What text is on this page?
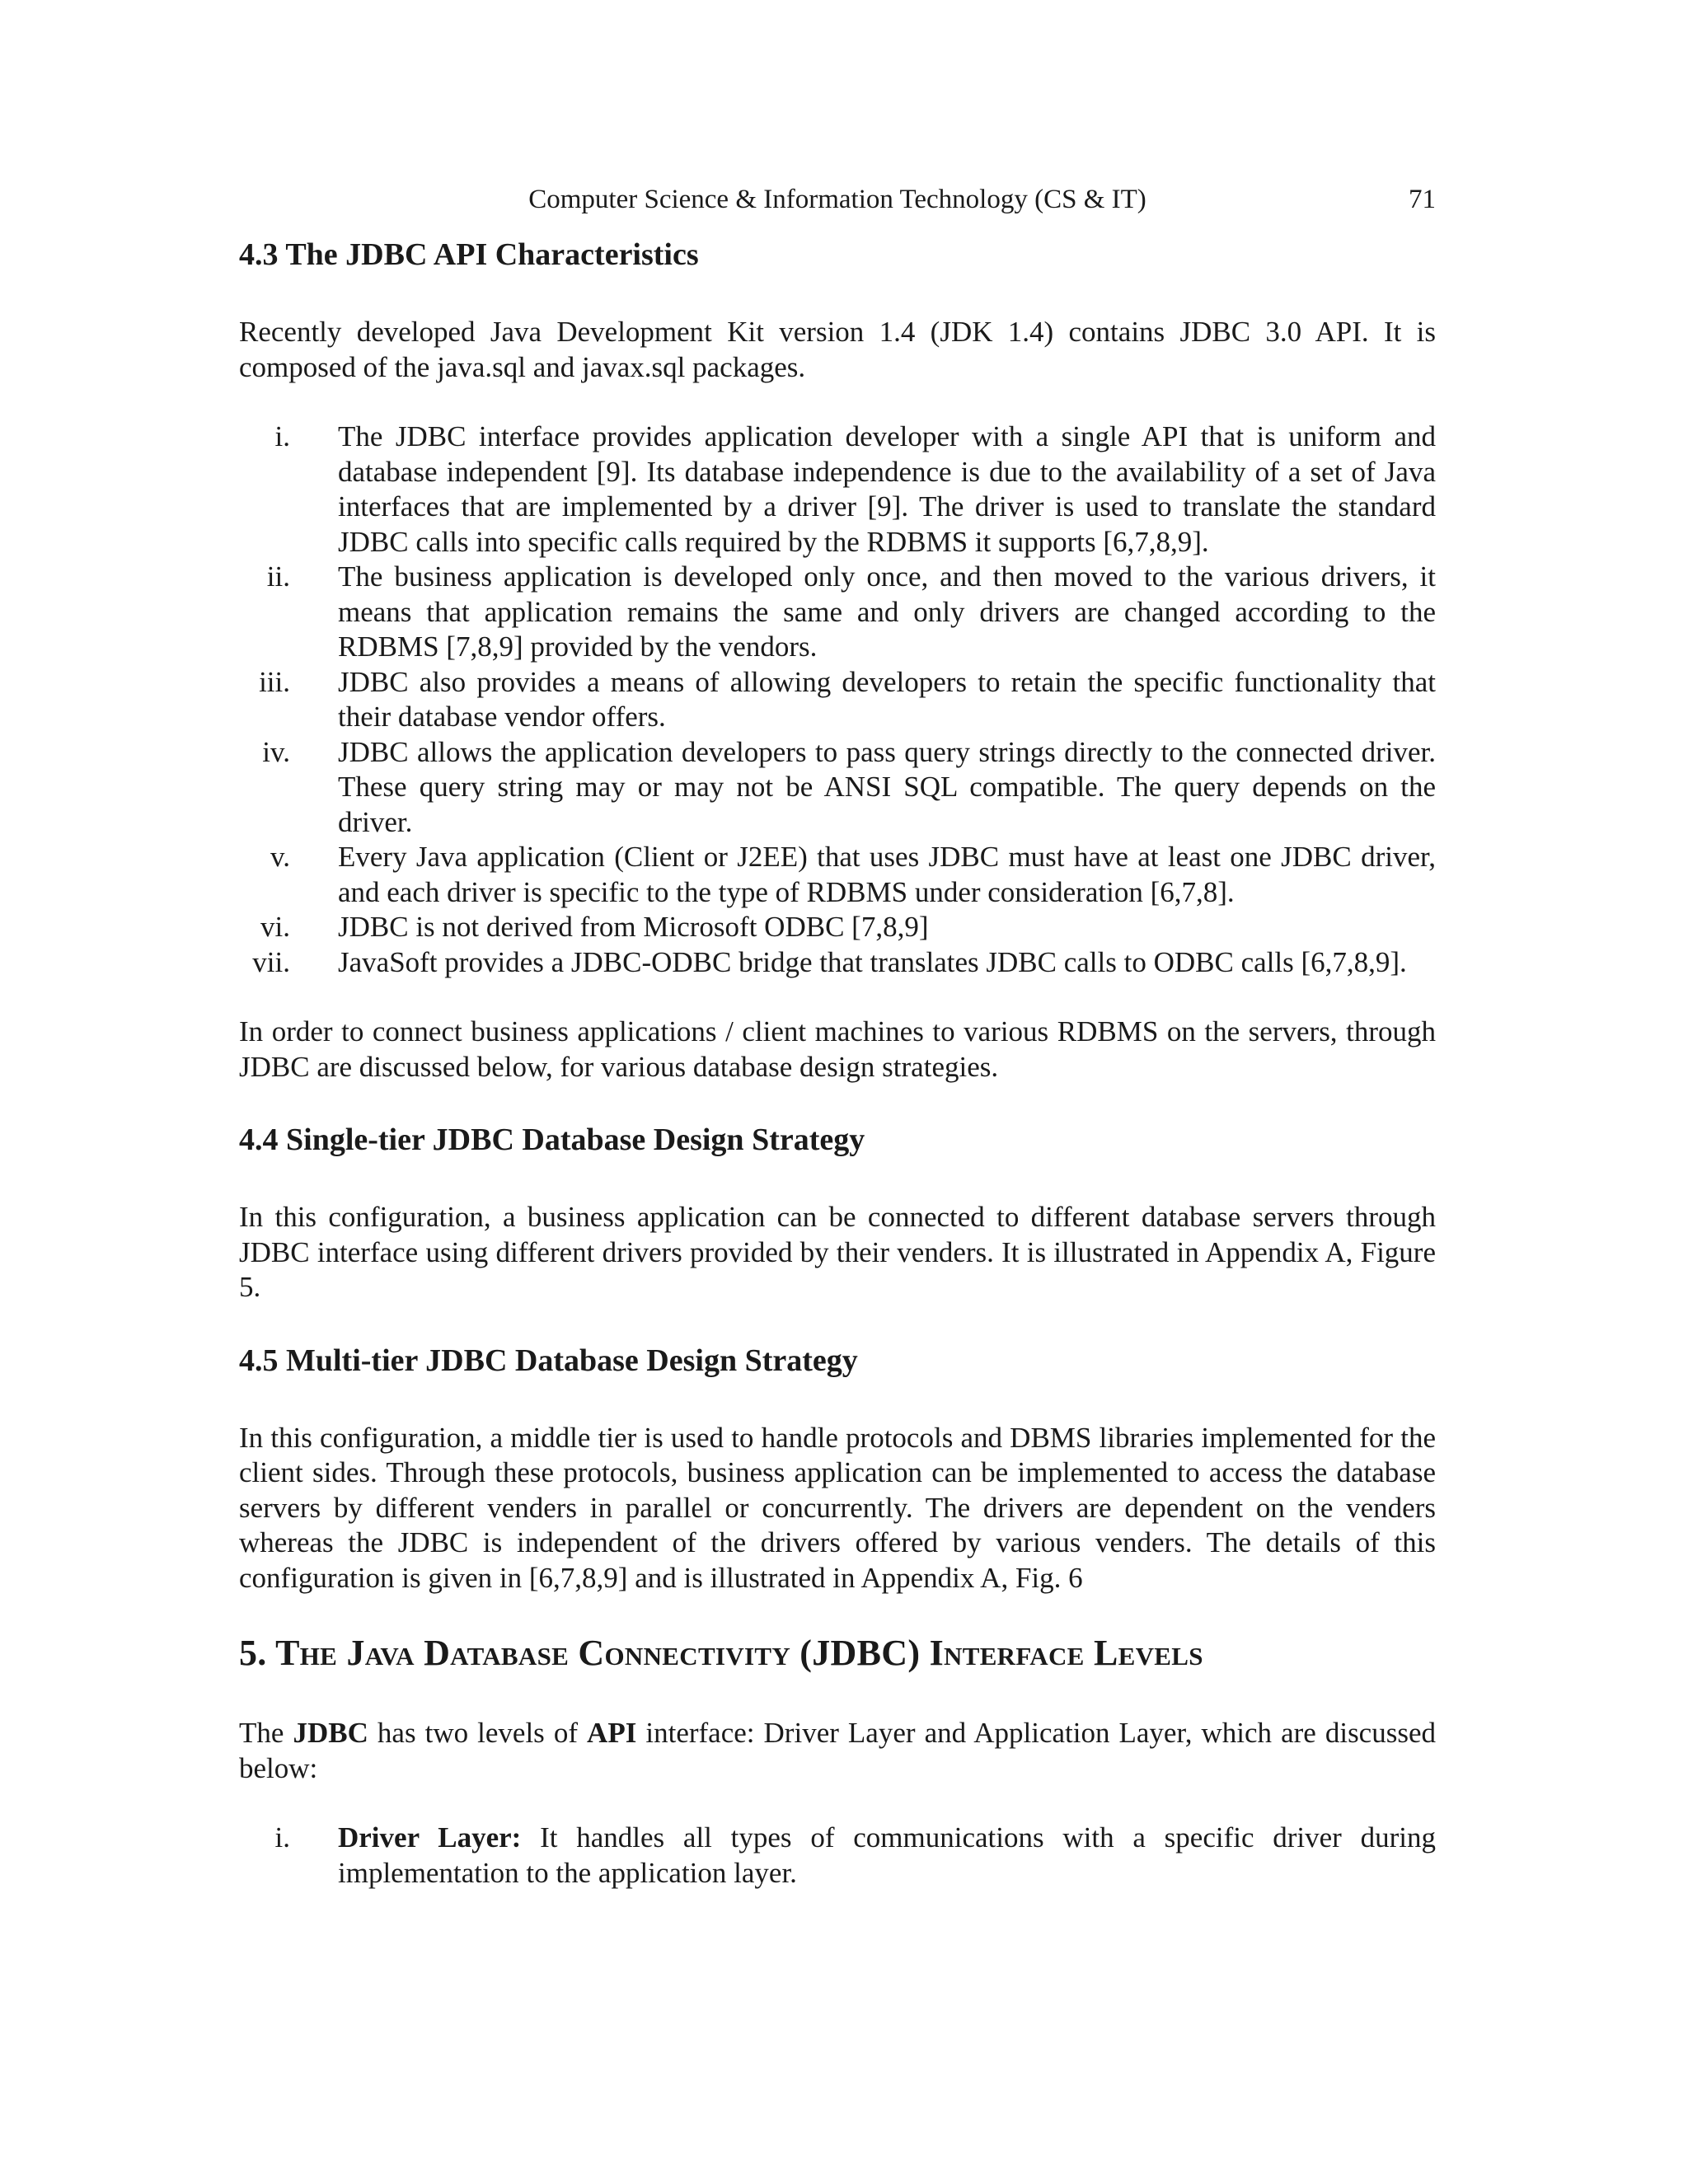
Computer Science & Information Technology (CS & IT)	71
4.3 The JDBC API Characteristics

Recently developed Java Development Kit version 1.4 (JDK 1.4) contains JDBC 3.0 API. It is composed of the java.sql and javax.sql packages.

i. The JDBC interface provides application developer with a single API that is uniform and database independent [9]. Its database independence is due to the availability of a set of Java interfaces that are implemented by a driver [9]. The driver is used to translate the standard JDBC calls into specific calls required by the RDBMS it supports [6,7,8,9].
ii. The business application is developed only once, and then moved to the various drivers, it means that application remains the same and only drivers are changed according to the RDBMS [7,8,9] provided by the vendors.
iii. JDBC also provides a means of allowing developers to retain the specific functionality that their database vendor offers.
iv. JDBC allows the application developers to pass query strings directly to the connected driver. These query string may or may not be ANSI SQL compatible. The query depends on the driver.
v. Every Java application (Client or J2EE) that uses JDBC must have at least one JDBC driver, and each driver is specific to the type of RDBMS under consideration [6,7,8].
vi. JDBC is not derived from Microsoft ODBC [7,8,9]
vii. JavaSoft provides a JDBC-ODBC bridge that translates JDBC calls to ODBC calls [6,7,8,9].

In order to connect business applications / client machines to various RDBMS on the servers, through JDBC are discussed below, for various database design strategies.

4.4 Single-tier JDBC Database Design Strategy

In this configuration, a business application can be connected to different database servers through JDBC interface using different drivers provided by their venders. It is illustrated in Appendix A, Figure 5.

4.5 Multi-tier JDBC Database Design Strategy

In this configuration, a middle tier is used to handle protocols and DBMS libraries implemented for the client sides. Through these protocols, business application can be implemented to access the database servers by different venders in parallel or concurrently. The drivers are dependent on the venders whereas the JDBC is independent of the drivers offered by various venders. The details of this configuration is given in [6,7,8,9] and is illustrated in Appendix A, Fig. 6

5. The Java Database Connectivity (JDBC) Interface Levels

The JDBC has two levels of API interface: Driver Layer and Application Layer, which are discussed below:

i. Driver Layer: It handles all types of communications with a specific driver during implementation to the application layer.
